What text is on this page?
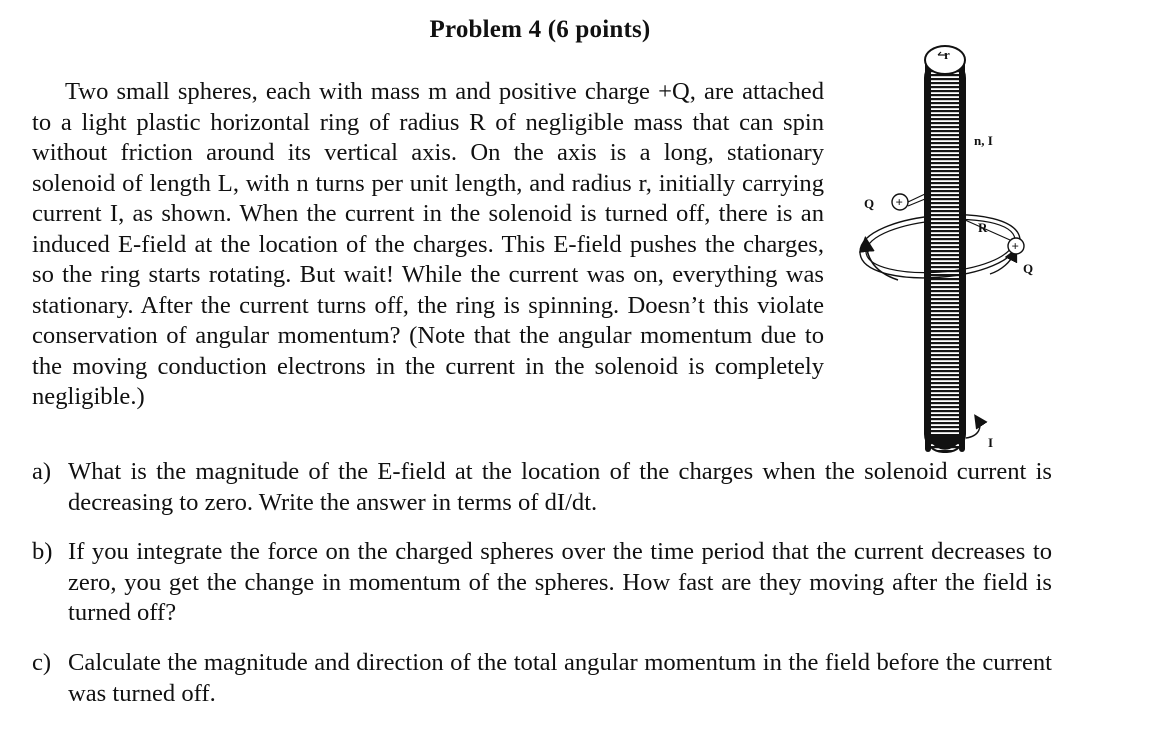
Problem 4 (6 points)

Two small spheres, each with mass m and positive charge +Q, are attached to a light plastic horizontal ring of radius R of negligible mass that can spin without friction around its vertical axis. On the axis is a long, stationary solenoid of length L, with n turns per unit length, and radius r, initially carrying current I, as shown. When the current in the solenoid is turned off, there is an induced E-field at the location of the charges. This E-field pushes the charges, so the ring starts rotating. But wait! While the current was on, everything was stationary. After the current turns off, the ring is spinning. Doesn’t this violate conservation of angular momentum? (Note that the angular momentum due to the moving conduction electrons in the current in the solenoid is completely negligible.)

r
n, I
R
+
Q
+
Q
I
a) What is the magnitude of the E-field at the location of the charges when the solenoid current is decreasing to zero. Write the answer in terms of dI/dt.
b) If you integrate the force on the charged spheres over the time period that the current decreases to zero, you get the change in momentum of the spheres. How fast are they moving after the field is turned off?
c) Calculate the magnitude and direction of the total angular momentum in the field before the current was turned off.
